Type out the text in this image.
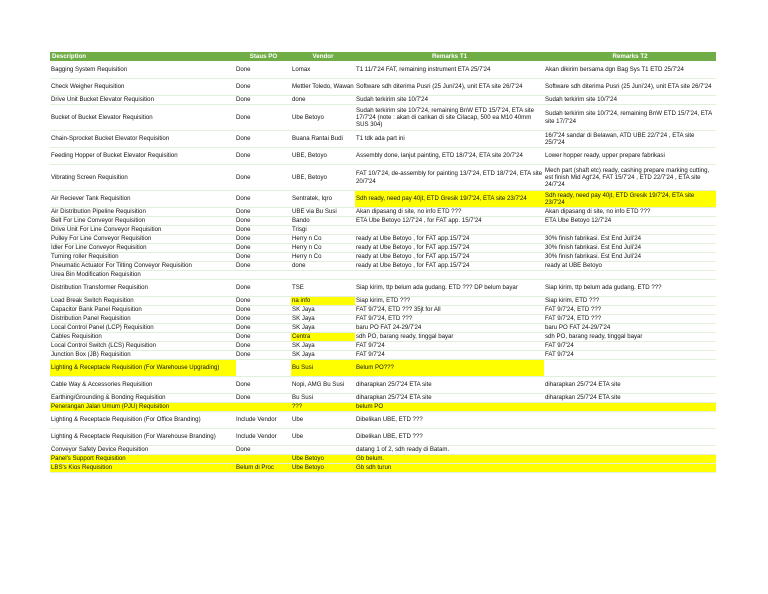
Description	Staus PO	Vendor	Remarks T1	Remarks T2
Bagging System Requisition	Done	Lomax	T1 11/7'24 FAT, remaining instrument ETA 25/7'24	Akan dikirim bersama dgn Bag Sys T1 ETD 25/7'24
Check Weigher Requisition	Done	Mettler Toledo, Wawan	Software sdh diterima Pusri (25 Juni'24), unit ETA site 26/7'24	Software sdh diterima Pusri (25 Juni'24), unit ETA site 26/7'24
Drive Unit Bucket Elevator Requisition	Done	done	Sudah terkirim site 10/7'24	Sudah terkirim site 10/7'24
Bucket of Bucket Elevator Requisition	Done	Ube Betoyo	Sudah terkirim site 10/7'24, remaining BnW ETD 15/7'24, ETA site 17/7'24 (note : akan di carikan di site Cilacap, 500 ea M10 40mm SUS 304)	Sudah terkirim site 10/7'24, remaining BnW ETD 15/7'24, ETA site 17/7'24
Chain-Sprocket Bucket Elevator Requisition	Done	Buana Rantai Budi	T1 tdk ada part ini	16/7'24 sandar di Belawan, ATD UBE 22/7'24 , ETA site 25/7'24
Feeding Hopper of Bucket Elevator Requisition	Done	UBE, Betoyo	Assembly done, lanjut painting, ETD 18/7'24, ETA site 20/7'24	Lower hopper ready, upper prepare fabrikasi
Vibrating Screen Requisition	Done	UBE, Betoyo	FAT 10/7'24, de-assembly for painting 13/7'24, ETD 18/7'24, ETA site 20/7'24	Mech part (shaft etc) ready, cashing prepare marking cutting, est finish Mid Agt'24, FAT 15/7'24 , ETD 22/7'24 , ETA site 24/7'24
Air Reciever Tank Requisition	Done	Sentratek, Iqro	Sdh ready, need pay 40jt, ETD Gresik 19/7'24, ETA site 23/7'24	Sdh ready, need pay 40jt, ETD Gresik 19/7'24, ETA site 23/7'24
Air Distribution Pipeline Requisition	Done	UBE via Bu Susi	Akan dipasang di site, no info ETD ???	Akan dipasang di site, no info ETD ???
Belt For Line Conveyor Requisition	Done	Bando	ETA Ube Betoyo 12/7'24 , for FAT app. 15/7'24	ETA Ube Betoyo 12/7'24
Drive Unit For Line Conveyor Requisition	Done	Trisgi		
Pulley For Line Conveyor Requisition	Done	Herry n Co	ready at Ube Betoyo , for FAT app.15/7'24	30% finish fabrikasi. Est End Juli'24
Idler For Line Conveyor Requisition	Done	Herry n Co	ready at Ube Betoyo , for FAT app.15/7'24	30% finish fabrikasi. Est End Juli'24
Turning roller Requisition	Done	Herry n Co	ready at Ube Betoyo , for FAT app.15/7'24	30% finish fabrikasi. Est End Juli'24
Pneumatic Actuator For Tilting Conveyor Requisition	Done	done	ready at Ube Betoyo , for FAT app.15/7'24	ready at UBE Betoyo
Urea Bin Modification Requisition				
Distribution Transformer Requisition	Done	TSE	Siap kirim, ttp belum ada gudang. ETD ??? DP belum bayar	Siap kirim, ttp belum ada gudang. ETD ???
Load Break Switch Requisition	Done	na info	Siap kirim, ETD ???	Siap kirim, ETD ???
Capacitor Bank Panel Requisition	Done	SK Jaya	FAT 9/7'24, ETD ??? 35jt for All	FAT 9/7'24, ETD ???
Distribution Panel Requisition	Done	SK Jaya	FAT 9/7'24, ETD ???	FAT 9/7'24, ETD ???
Local Control Panel (LCP) Requisition	Done	SK Jaya	baru PO FAT 24-29/7'24	baru PO FAT 24-29/7'24
Cables Requisition	Done	Centra	sdh PO, barang ready, tinggal bayar	sdh PO, barang ready, tinggal bayar
Local Control Switch (LCS) Requisition	Done	SK Jaya	FAT 9/7'24	FAT 9/7'24
Junction Box (JB) Requisition	Done	SK Jaya	FAT 9/7'24	FAT 9/7'24
Lighting & Receptacle Requisition (For Warehouse Upgrading)		Bu Susi	Belum PO???	
Cable Way & Accessories Requisition	Done	Nopi, AMG Bu Susi	diharapkan 25/7'24 ETA site	diharapkan 25/7'24 ETA site
Earthing/Grounding & Bonding Requisition	Done	Bu Susi	diharapkan 25/7'24 ETA site	diharapkan 25/7'24 ETA site
Penerangan Jalan Umum (PJU) Requisition		???	belum PO	
Lighting & Receptacle Requisition (For Office Branding)	Include Vendor	Ube	Dibelikan UBE, ETD ???	
Lighting & Receptacle Requisition (For Warehouse Branding)	Include Vendor	Ube	Dibelikan UBE, ETD ???	
Conveyor Safety Device Requisition	Done		datang 1 of 2, sdh ready di Batam.	
Panel's Support Requisition		Ube Betoyo	Gb belum.	
LBS's Kios Requisition	Belum di Proc	Ube Betoyo	Gb sdh turun	
